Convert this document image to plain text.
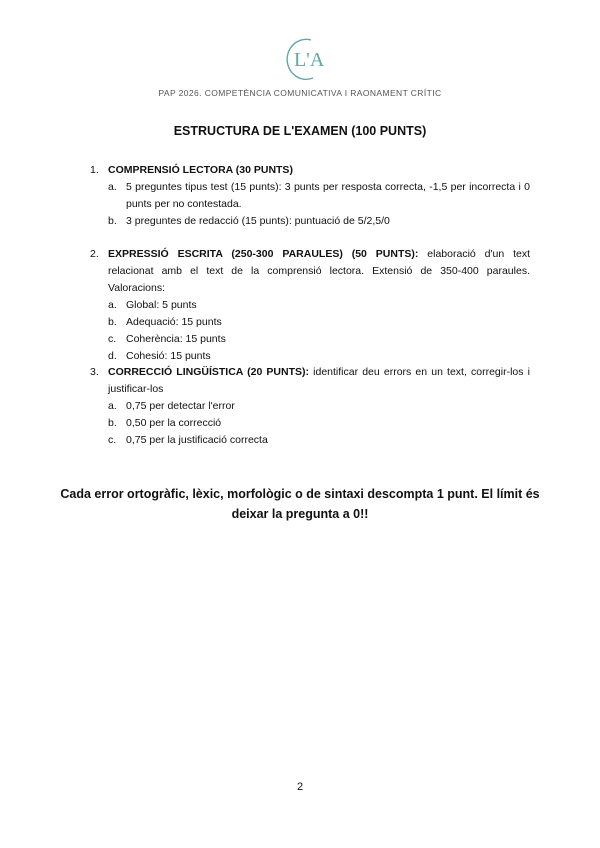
L'A
PAP 2026. COMPETÈNCIA COMUNICATIVA I RAONAMENT CRÍTIC
ESTRUCTURA DE L'EXAMEN (100 PUNTS)
1. COMPRENSIÓ LECTORA (30 PUNTS)
a. 5 preguntes tipus test (15 punts): 3 punts per resposta correcta, -1,5 per incorrecta i 0 punts per no contestada.
b. 3 preguntes de redacció (15 punts): puntuació de 5/2,5/0
2. EXPRESSIÓ ESCRITA (250-300 PARAULES) (50 PUNTS): elaboració d'un text relacionat amb el text de la comprensió lectora. Extensió de 350-400 paraules. Valoracions:
a. Global: 5 punts
b. Adequació: 15 punts
c. Coherència: 15 punts
d. Cohesió: 15 punts
3. CORRECCIÓ LINGÜÍSTICA (20 PUNTS): identificar deu errors en un text, corregir-los i justificar-los
a. 0,75 per detectar l'error
b. 0,50 per la correcció
c. 0,75 per la justificació correcta
Cada error ortogràfic, lèxic, morfològic o de sintaxi descompta 1 punt. El límit és deixar la pregunta a 0!!
2
